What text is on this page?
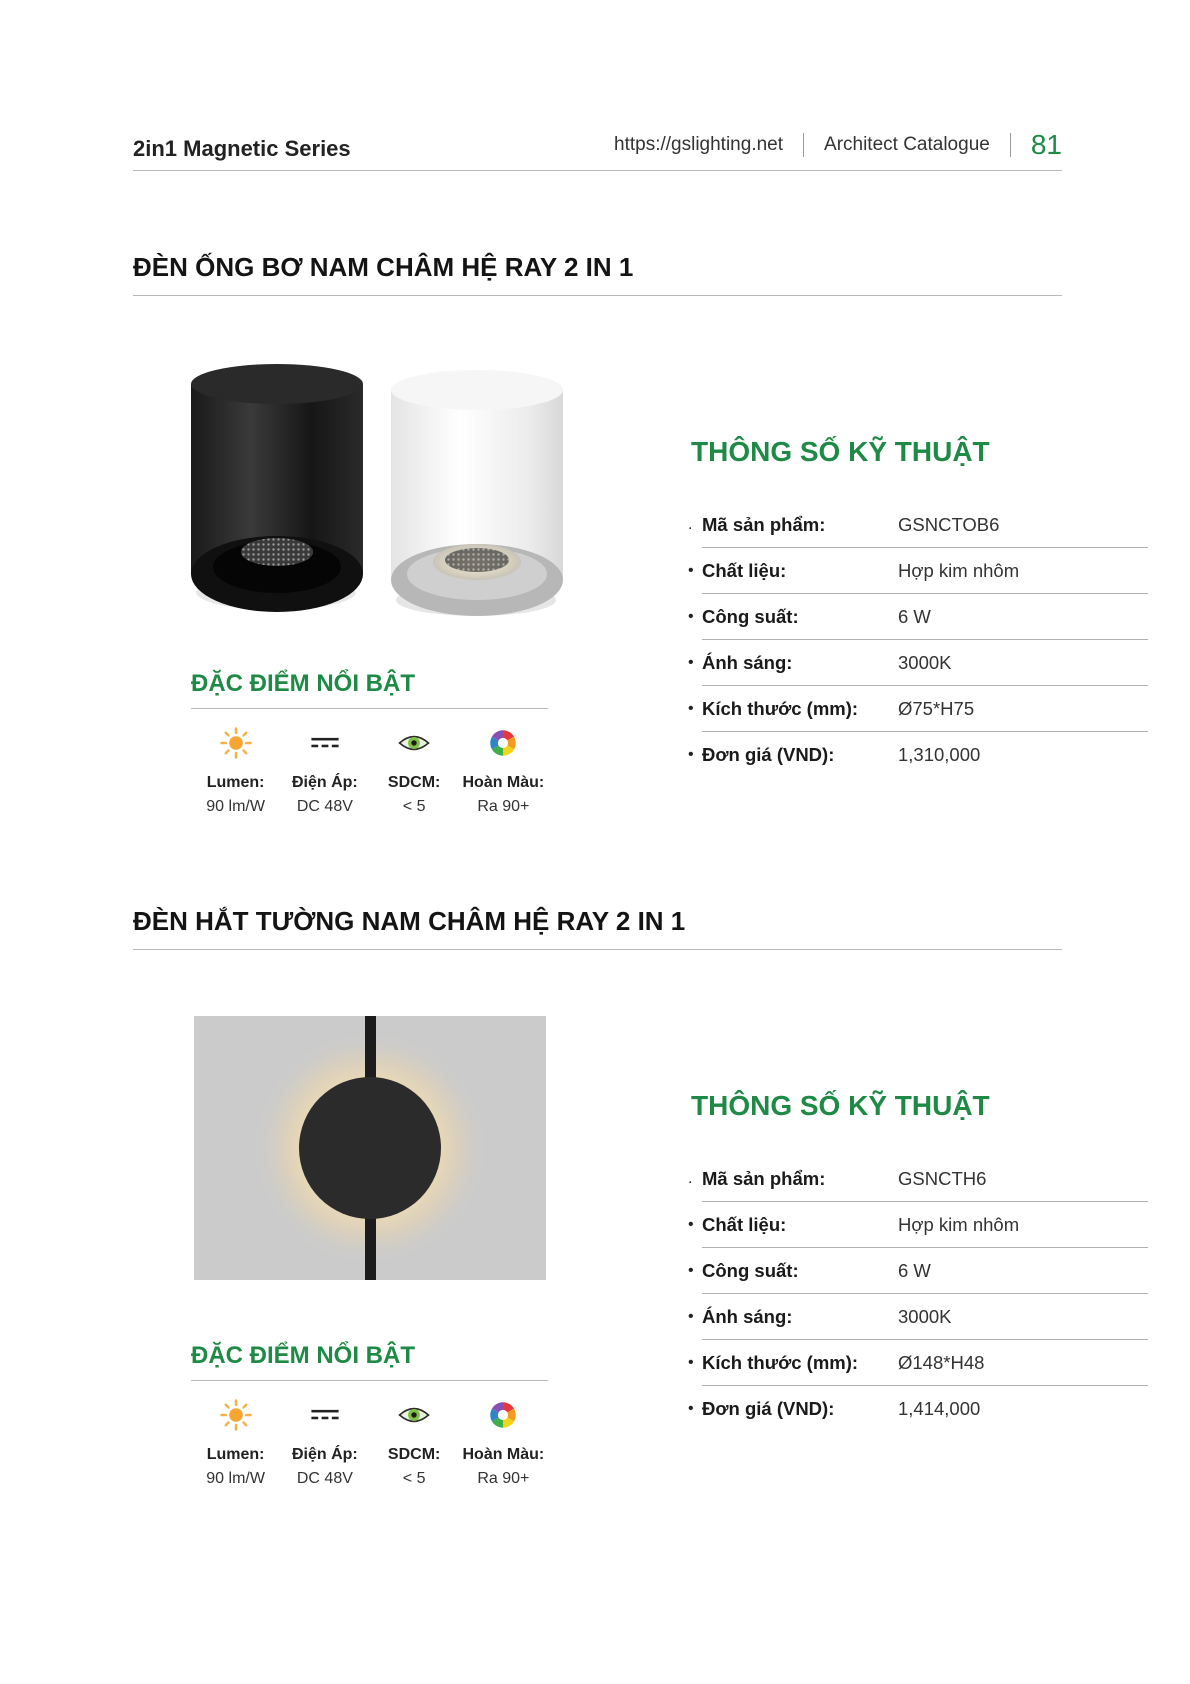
2in1 Magnetic Series	https://gslighting.net Architect Catalogue 81
ĐÈN ỐNG BƠ NAM CHÂM HỆ RAY 2 IN 1
ĐẶC ĐIỂM NỔI BẬT
Lumen:
90 lm/W
Điện Áp:
DC 48V
SDCM:
< 5
Hoàn Màu:
Ra 90+
THÔNG SỐ KỸ THUẬT
. Mã sản phẩm:	GSNCTOB6
• Chất liệu:	Hợp kim nhôm
• Công suất:	6 W
• Ánh sáng:	3000K
• Kích thước (mm):	Ø75*H75
• Đơn giá (VND):	1,310,000
ĐÈN HẮT TƯỜNG NAM CHÂM HỆ RAY 2 IN 1
ĐẶC ĐIỂM NỔI BẬT
Lumen:
90 lm/W
Điện Áp:
DC 48V
SDCM:
< 5
Hoàn Màu:
Ra 90+
THÔNG SỐ KỸ THUẬT
. Mã sản phẩm:	GSNCTH6
• Chất liệu:	Hợp kim nhôm
• Công suất:	6 W
• Ánh sáng:	3000K
• Kích thước (mm):	Ø148*H48
• Đơn giá (VND):	1,414,000
